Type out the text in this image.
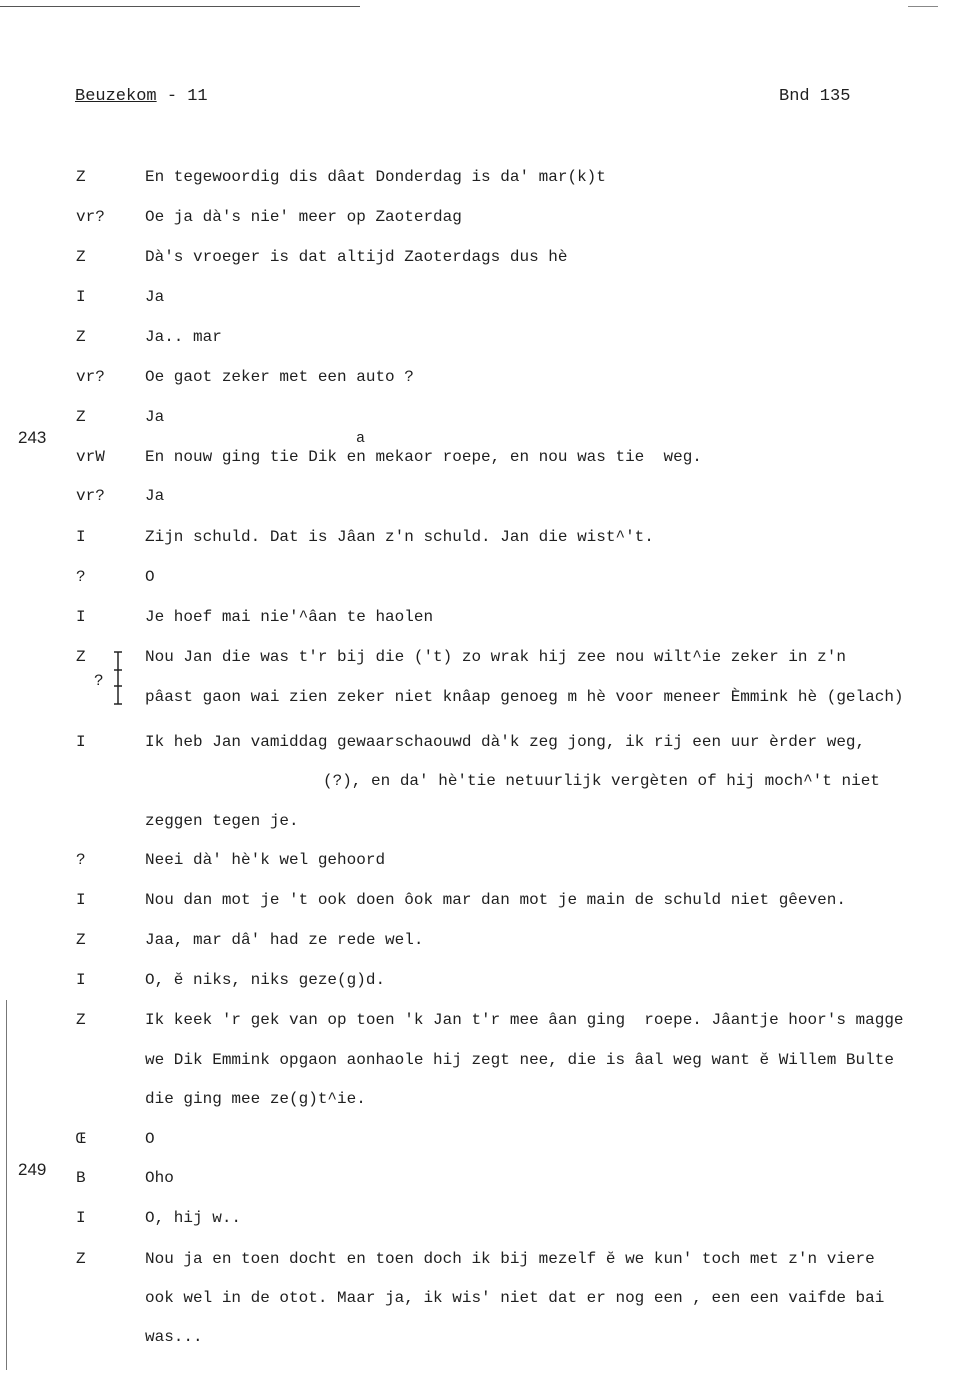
Beuzekom - 11	Bnd 135
243
249
a
?
Z	En tegewoordig dis dâat Donderdag is da' mar(k)t
vr?	Oe ja dà's nie' meer op Zaoterdag
Z	Dà's vroeger is dat altijd Zaoterdags dus hè
I	Ja
Z	Ja.. mar
vr?	Oe gaot zeker met een auto ?
Z	Ja
vrW	En nouw ging tie Dik en mekaor roepe, en nou was tie  weg.
vr?	Ja
I	Zijn schuld. Dat is Jâan z'n schuld. Jan die wist^'t.
?	O
I	Je hoef mai nie'^âan te haolen
Z	Nou Jan die was t'r bij die ('t) zo wrak hij zee nou wilt^ie zeker in z'n
pâast gaon wai zien zeker niet knâap genoeg m hè voor meneer Èmmink hè (gelach)
I	Ik heb Jan vamiddag gewaarschaouwd dà'k zeg jong, ik rij een uur èrder weg,
(?), en da' hè'tie netuurlijk vergèten of hij moch^'t niet
zeggen tegen je.
?	Neei dà' hè'k wel gehoord
I	Nou dan mot je 't ook doen ôok mar dan mot je main de schuld niet gêeven.
Z	Jaa, mar dâ' had ze rede wel.
I	O, ĕ niks, niks geze(g)d.
Z	Ik keek 'r gek van op toen 'k Jan t'r mee âan ging  roepe. Jâantje hoor's magge
we Dik Emmink opgaon aonhaole hij zegt nee, die is âal weg want ĕ Willem Bulte
die ging mee ze(g)t^ie.
Œ	O
B	Oho
I	O, hij w..
Z	Nou ja en toen docht en toen doch ik bij mezelf ĕ we kun' toch met z'n viere
ook wel in de otot. Maar ja, ik wis' niet dat er nog een , een een vaifde bai
was...
